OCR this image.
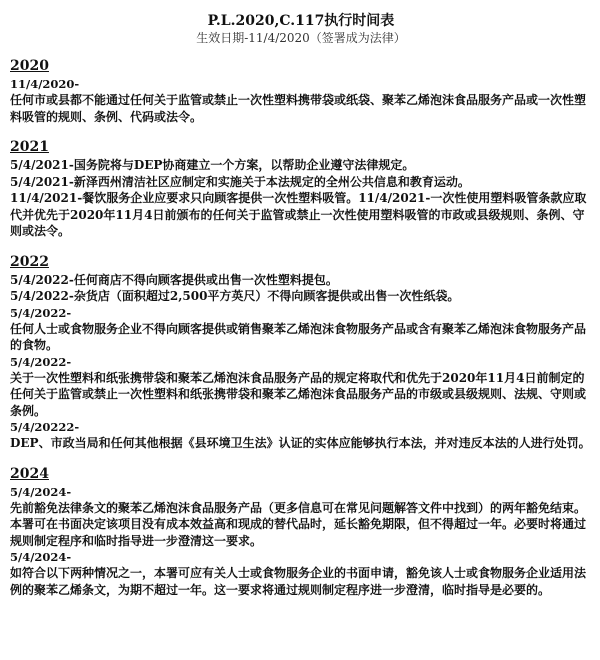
P.L.2020,C.117执行时间表
生效日期-11/4/2020（签署成为法律）
2020

11/4/2020-

任何市或县都不能通过任何关于监管或禁止一次性塑料携带袋或纸袋、聚苯乙烯泡沫食品服务产品或一次性塑料吸管的规则、条例、代码或法令。

2021

5/4/2021-国务院将与DEP协商建立一个方案，以帮助企业遵守法律规定。

5/4/2021-新泽西州清洁社区应制定和实施关于本法规定的全州公共信息和教育运动。

11/4/2021-餐饮服务企业应要求只向顾客提供一次性塑料吸管。11/4/2021-一次性使用塑料吸管条款应取代并优先于2020年11月4日前颁布的任何关于监管或禁止一次性使用塑料吸管的市政或县级规则、条例、守则或法令。

2022

5/4/2022-任何商店不得向顾客提供或出售一次性塑料提包。

5/4/2022-杂货店（面积超过2,500平方英尺）不得向顾客提供或出售一次性纸袋。

5/4/2022-

任何人士或食物服务企业不得向顾客提供或销售聚苯乙烯泡沫食物服务产品或含有聚苯乙烯泡沫食物服务产品的食物。

5/4/2022-

关于一次性塑料和纸张携带袋和聚苯乙烯泡沫食品服务产品的规定将取代和优先于2020年11月4日前制定的任何关于监管或禁止一次性塑料和纸张携带袋和聚苯乙烯泡沫食品服务产品的市级或县级规则、法规、守则或条例。

5/4/20222-

DEP、市政当局和任何其他根据《县环境卫生法》认证的实体应能够执行本法，并对违反本法的人进行处罚。

2024

5/4/2024-

先前豁免法律条文的聚苯乙烯泡沫食品服务产品（更多信息可在常见问题解答文件中找到）的两年豁免结束。本署可在书面决定该项目没有成本效益高和现成的替代品时，延长豁免期限，但不得超过一年。必要时将通过规则制定程序和临时指导进一步澄清这一要求。

5/4/2024-

如符合以下两种情况之一，本署可应有关人士或食物服务企业的书面申请，豁免该人士或食物服务企业适用法例的聚苯乙烯条文，为期不超过一年。这一要求将通过规则制定程序进一步澄清，临时指导是必要的。
